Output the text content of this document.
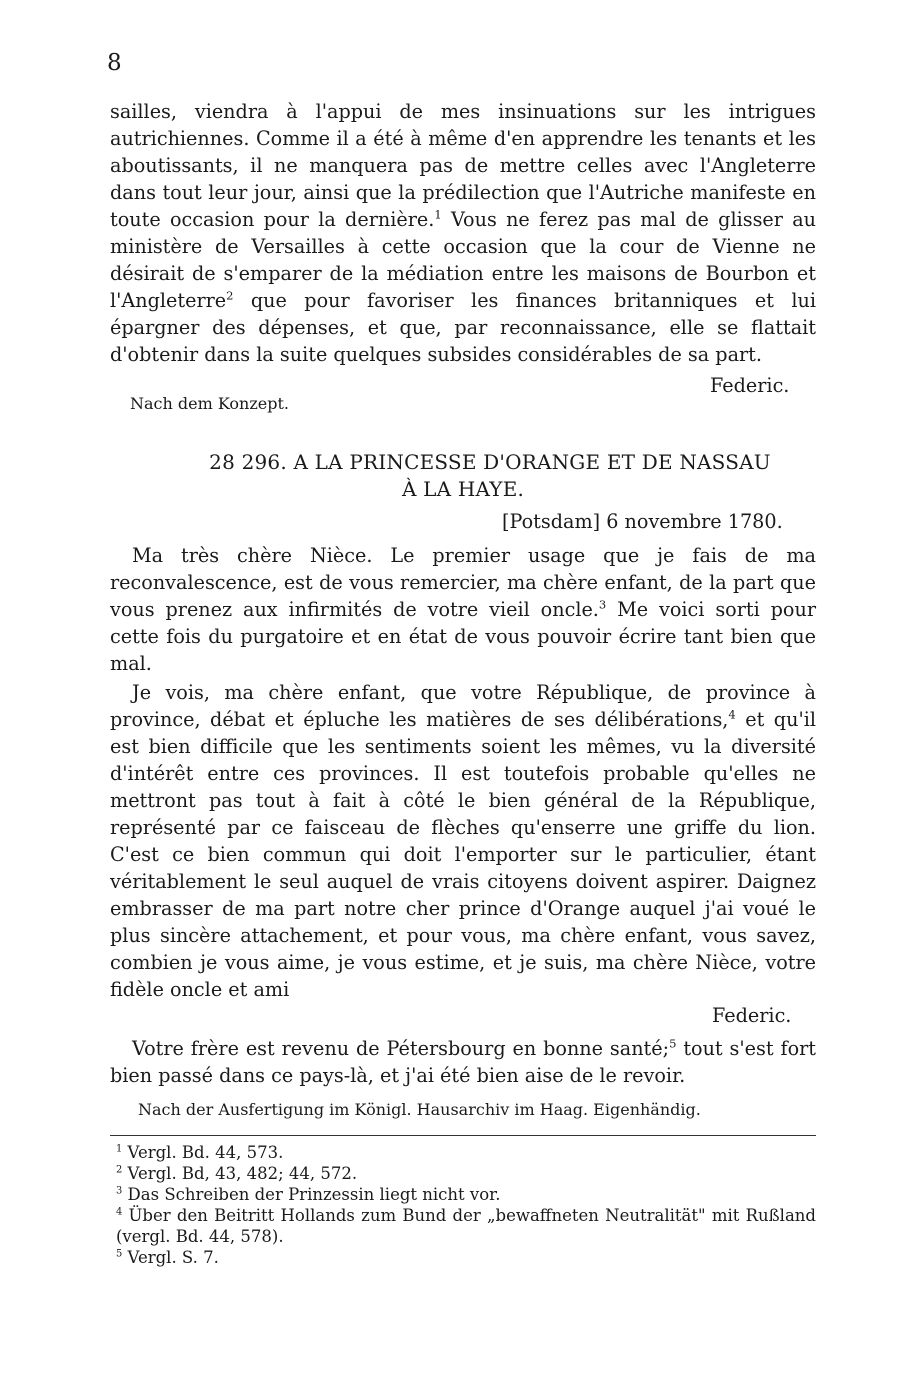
8

sailles, viendra à l'appui de mes insinuations sur les intrigues autrichiennes. Comme il a été à même d'en apprendre les tenants et les aboutissants, il ne manquera pas de mettre celles avec l'Angleterre dans tout leur jour, ainsi que la prédilection que l'Autriche manifeste en toute occasion pour la dernière.$^1$ Vous ne ferez pas mal de glisser au ministère de Versailles à cette occasion que la cour de Vienne ne désirait de s'emparer de la médiation entre les maisons de Bourbon et l'Angleterre$^2$ que pour favoriser les finances britanniques et lui épargner des dépenses, et que, par reconnaissance, elle se flattait d'obtenir dans la suite quelques subsides considérables de sa part.

Federic.
Nach dem Konzept.
28 296. A LA PRINCESSE D'ORANGE ET DE NASSAU
À LA HAYE.
[Potsdam] 6 novembre 1780.

Ma très chère Nièce. Le premier usage que je fais de ma reconvalescence, est de vous remercier, ma chère enfant, de la part que vous prenez aux infirmités de votre vieil oncle.$^3$ Me voici sorti pour cette fois du purgatoire et en état de vous pouvoir écrire tant bien que mal.

Je vois, ma chère enfant, que votre République, de province à province, débat et épluche les matières de ses délibérations,$^4$ et qu'il est bien difficile que les sentiments soient les mêmes, vu la diversité d'intérêt entre ces provinces. Il est toutefois probable qu'elles ne mettront pas tout à fait à côté le bien général de la République, représenté par ce faisceau de flèches qu'enserre une griffe du lion. C'est ce bien commun qui doit l'emporter sur le particulier, étant véritablement le seul auquel de vrais citoyens doivent aspirer. Daignez embrasser de ma part notre cher prince d'Orange auquel j'ai voué le plus sincère attachement, et pour vous, ma chère enfant, vous savez, combien je vous aime, je vous estime, et je suis, ma chère Nièce, votre fidèle oncle et ami

Federic.

Votre frère est revenu de Pétersbourg en bonne santé;$^5$ tout s'est fort bien passé dans ce pays-là, et j'ai été bien aise de le revoir.

Nach der Ausfertigung im Königl. Hausarchiv im Haag. Eigenhändig.
$^1$ Vergl. Bd. 44, 573.
$^2$ Vergl. Bd, 43, 482; 44, 572.
$^3$ Das Schreiben der Prinzessin liegt nicht vor.
$^4$ Über den Beitritt Hollands zum Bund der „bewaffneten Neutralität" mit Rußland (vergl. Bd. 44, 578).
$^5$ Vergl. S. 7.
